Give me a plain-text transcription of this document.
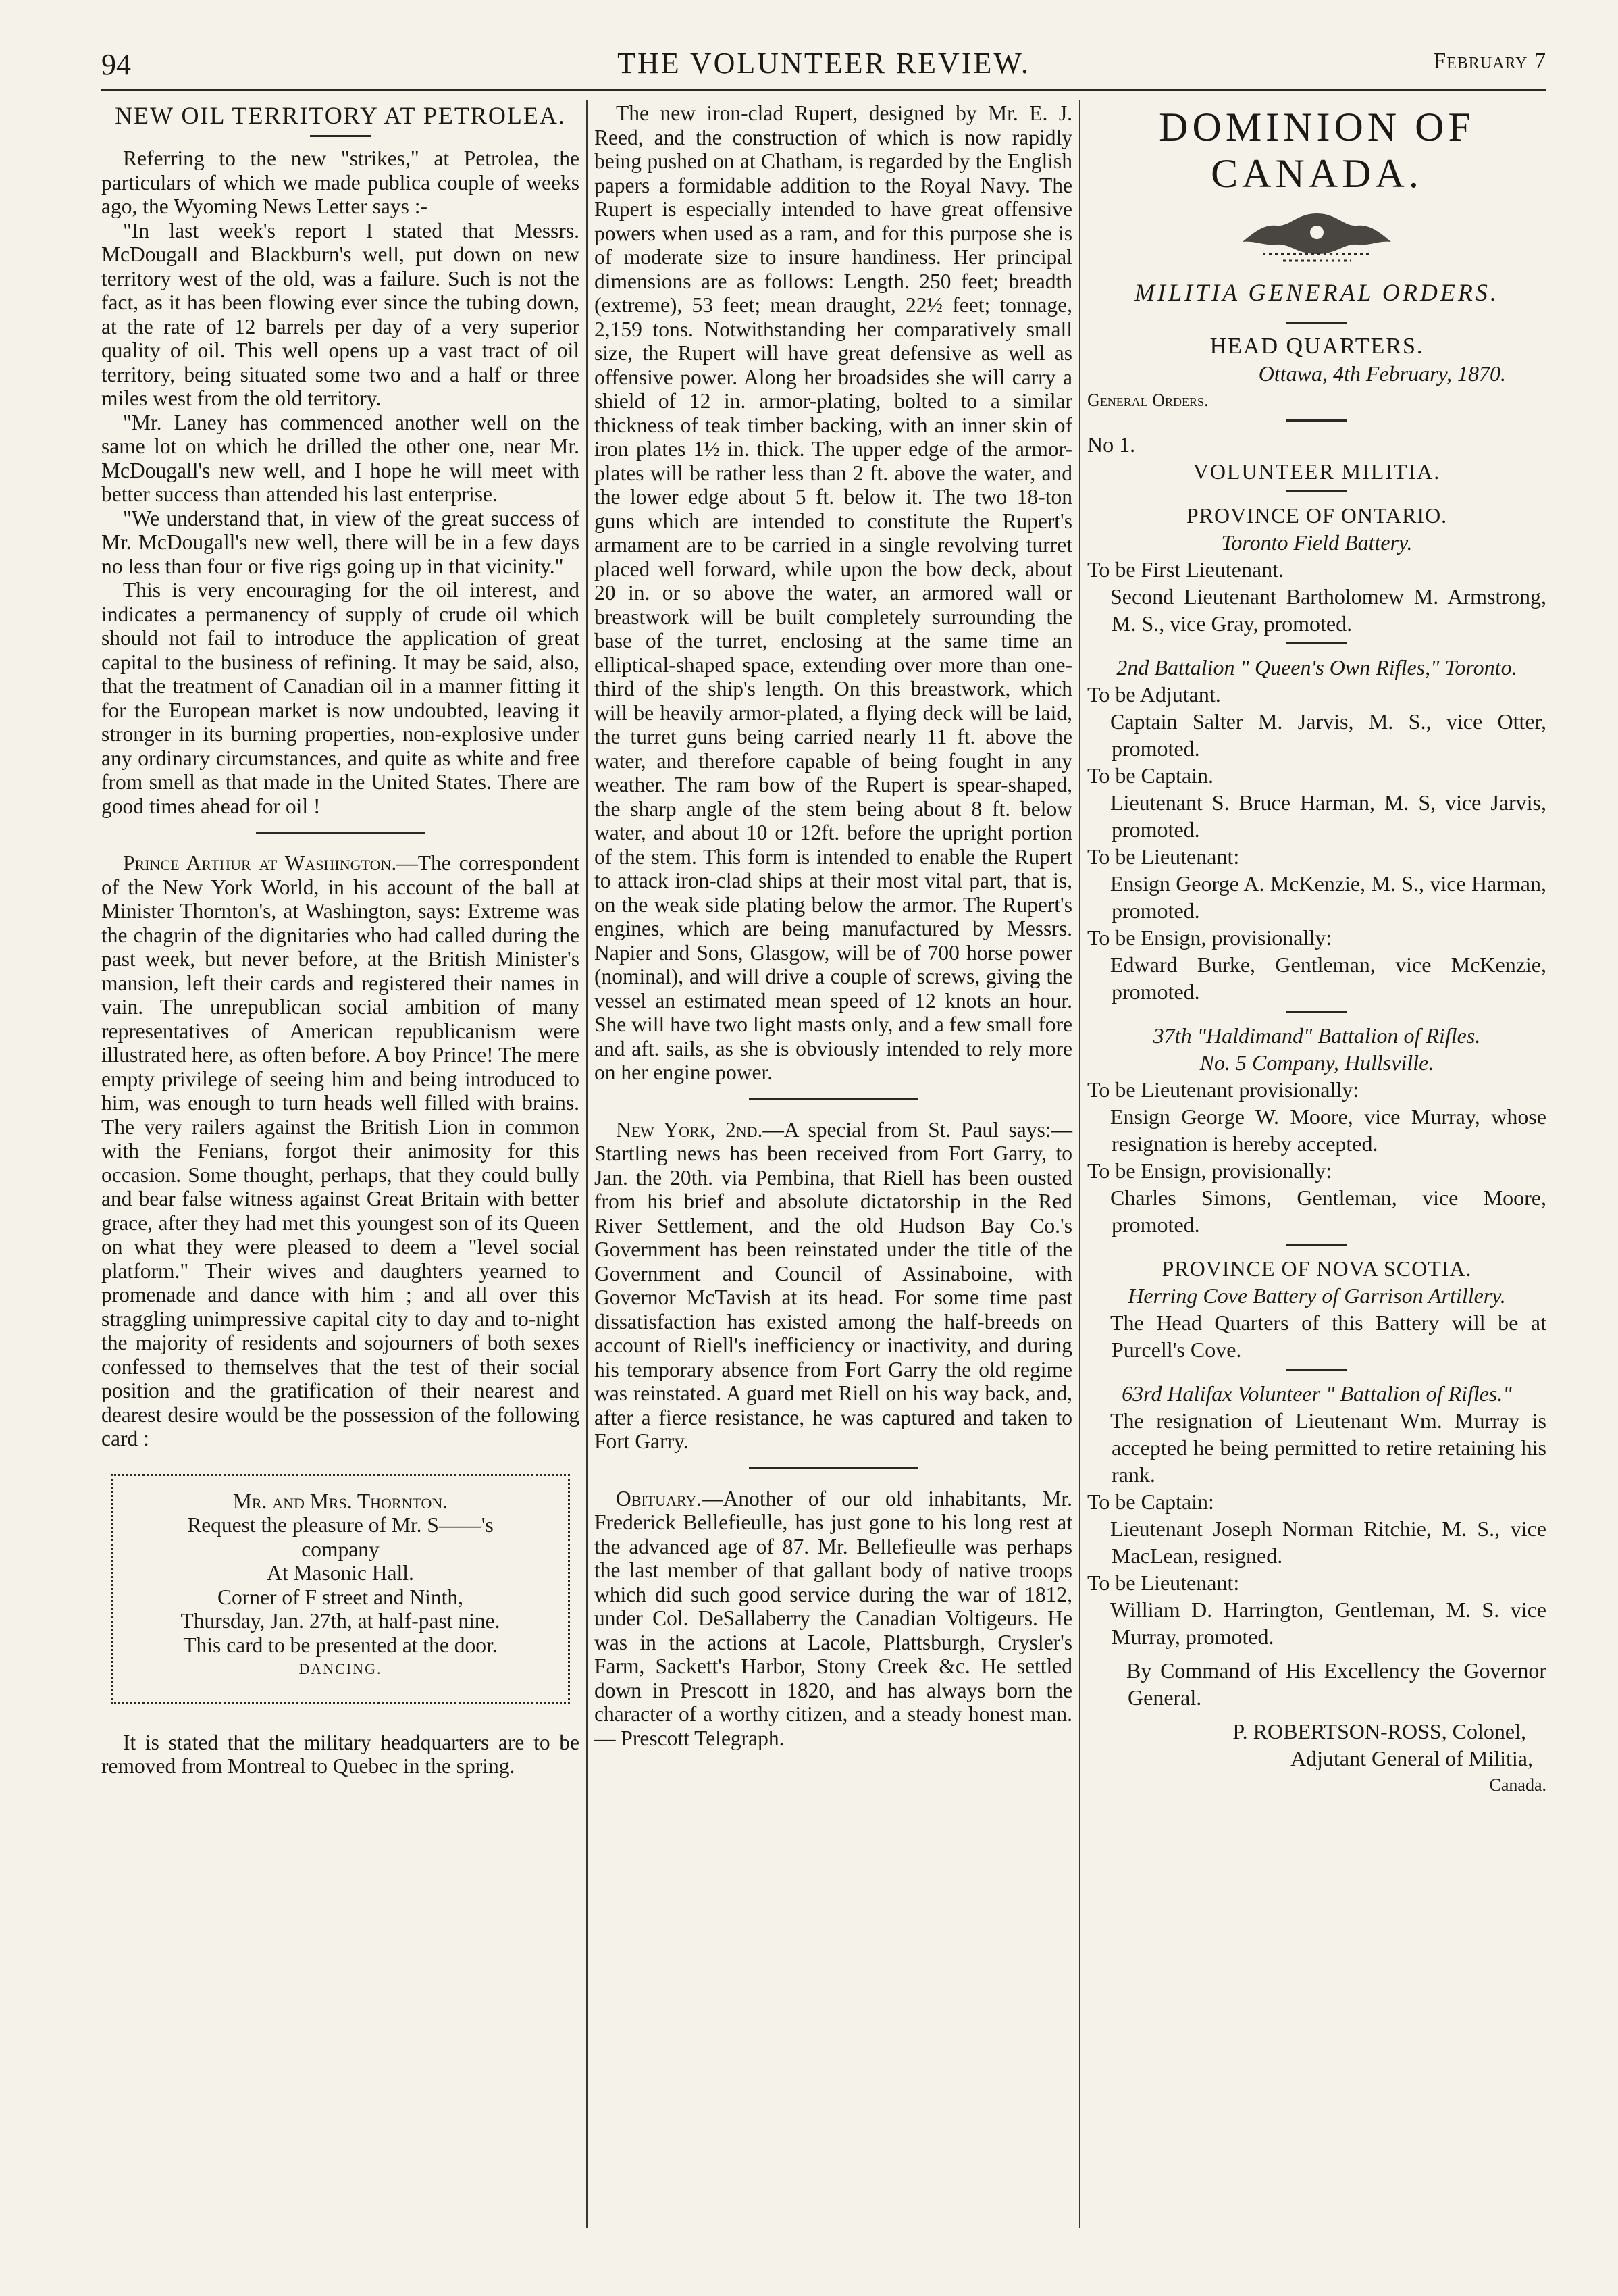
94	THE VOLUNTEER REVIEW.	February 7
NEW OIL TERRITORY AT PETROLEA.

Referring to the new "strikes," at Petrolea, the particulars of which we made publica couple of weeks ago, the Wyoming News Letter says :-

"In last week's report I stated that Messrs. McDougall and Blackburn's well, put down on new territory west of the old, was a failure. Such is not the fact, as it has been flowing ever since the tubing down, at the rate of 12 barrels per day of a very superior quality of oil. This well opens up a vast tract of oil territory, being situated some two and a half or three miles west from the old territory.

"Mr. Laney has commenced another well on the same lot on which he drilled the other one, near Mr. McDougall's new well, and I hope he will meet with better success than attended his last enterprise.

"We understand that, in view of the great success of Mr. McDougall's new well, there will be in a few days no less than four or five rigs going up in that vicinity."

This is very encouraging for the oil interest, and indicates a permanency of supply of crude oil which should not fail to introduce the application of great capital to the business of refining. It may be said, also, that the treatment of Canadian oil in a manner fitting it for the European market is now undoubted, leaving it stronger in its burning properties, non-explosive under any ordinary circumstances, and quite as white and free from smell as that made in the United States. There are good times ahead for oil !

Prince Arthur at Washington.—The correspondent of the New York World, in his account of the ball at Minister Thornton's, at Washington, says: Extreme was the chagrin of the dignitaries who had called during the past week, but never before, at the British Minister's mansion, left their cards and registered their names in vain. The unrepublican social ambition of many representatives of American republicanism were illustrated here, as often before. A boy Prince! The mere empty privilege of seeing him and being introduced to him, was enough to turn heads well filled with brains. The very railers against the British Lion in common with the Fenians, forgot their animosity for this occasion. Some thought, perhaps, that they could bully and bear false witness against Great Britain with better grace, after they had met this youngest son of its Queen on what they were pleased to deem a "level social platform." Their wives and daughters yearned to promenade and dance with him ; and all over this straggling unimpressive capital city to day and to-night the majority of residents and sojourners of both sexes confessed to themselves that the test of their social position and the gratification of their nearest and dearest desire would be the possession of the following card :

Mr. and Mrs. Thornton.

Request the pleasure of Mr. S——'s

company

At Masonic Hall.

Corner of F street and Ninth,

Thursday, Jan. 27th, at half-past nine.

This card to be presented at the door.

DANCING.

It is stated that the military headquarters are to be removed from Montreal to Quebec in the spring.

The new iron-clad Rupert, designed by Mr. E. J. Reed, and the construction of which is now rapidly being pushed on at Chatham, is regarded by the English papers a formidable addition to the Royal Navy. The Rupert is especially intended to have great offensive powers when used as a ram, and for this purpose she is of moderate size to insure handiness. Her principal dimensions are as follows: Length. 250 feet; breadth (extreme), 53 feet; mean draught, 22½ feet; tonnage, 2,159 tons. Notwithstanding her comparatively small size, the Rupert will have great defensive as well as offensive power. Along her broadsides she will carry a shield of 12 in. armor-plating, bolted to a similar thickness of teak timber backing, with an inner skin of iron plates 1½ in. thick. The upper edge of the armor-plates will be rather less than 2 ft. above the water, and the lower edge about 5 ft. below it. The two 18-ton guns which are intended to constitute the Rupert's armament are to be carried in a single revolving turret placed well forward, while upon the bow deck, about 20 in. or so above the water, an armored wall or breastwork will be built completely surrounding the base of the turret, enclosing at the same time an elliptical-shaped space, extending over more than one-third of the ship's length. On this breastwork, which will be heavily armor-plated, a flying deck will be laid, the turret guns being carried nearly 11 ft. above the water, and therefore capable of being fought in any weather. The ram bow of the Rupert is spear-shaped, the sharp angle of the stem being about 8 ft. below water, and about 10 or 12ft. before the upright portion of the stem. This form is intended to enable the Rupert to attack iron-clad ships at their most vital part, that is, on the weak side plating below the armor. The Rupert's engines, which are being manufactured by Messrs. Napier and Sons, Glasgow, will be of 700 horse power (nominal), and will drive a couple of screws, giving the vessel an estimated mean speed of 12 knots an hour. She will have two light masts only, and a few small fore and aft. sails, as she is obviously intended to rely more on her engine power.

New York, 2nd.—A special from St. Paul says:—Startling news has been received from Fort Garry, to Jan. the 20th. via Pembina, that Riell has been ousted from his brief and absolute dictatorship in the Red River Settlement, and the old Hudson Bay Co.'s Government has been reinstated under the title of the Government and Council of Assinaboine, with Governor McTavish at its head. For some time past dissatisfaction has existed among the half-breeds on account of Riell's inefficiency or inactivity, and during his temporary absence from Fort Garry the old regime was reinstated. A guard met Riell on his way back, and, after a fierce resistance, he was captured and taken to Fort Garry.

Obituary.—Another of our old inhabitants, Mr. Frederick Bellefieulle, has just gone to his long rest at the advanced age of 87. Mr. Bellefieulle was perhaps the last member of that gallant body of native troops which did such good service during the war of 1812, under Col. DeSallaberry the Canadian Voltigeurs. He was in the actions at Lacole, Plattsburgh, Crysler's Farm, Sackett's Harbor, Stony Creek &c. He settled down in Prescott in 1820, and has always born the character of a worthy citizen, and a steady honest man.— Prescott Telegraph.

DOMINION OF CANADA.
MILITIA GENERAL ORDERS.

HEAD QUARTERS.

Ottawa, 4th February, 1870.

General Orders.

No 1.

VOLUNTEER MILITIA.

PROVINCE OF ONTARIO.

Toronto Field Battery.

To be First Lieutenant.

Second Lieutenant Bartholomew M. Armstrong, M. S., vice Gray, promoted.

2nd Battalion " Queen's Own Rifles," Toronto.

To be Adjutant.

Captain Salter M. Jarvis, M. S., vice Otter, promoted.

To be Captain.

Lieutenant S. Bruce Harman, M. S, vice Jarvis, promoted.

To be Lieutenant:

Ensign George A. McKenzie, M. S., vice Harman, promoted.

To be Ensign, provisionally:

Edward Burke, Gentleman, vice McKenzie, promoted.

37th "Haldimand" Battalion of Rifles.

No. 5 Company, Hullsville.

To be Lieutenant provisionally:

Ensign George W. Moore, vice Murray, whose resignation is hereby accepted.

To be Ensign, provisionally:

Charles Simons, Gentleman, vice Moore, promoted.

PROVINCE OF NOVA SCOTIA.

Herring Cove Battery of Garrison Artillery.

The Head Quarters of this Battery will be at Purcell's Cove.

63rd Halifax Volunteer " Battalion of Rifles."

The resignation of Lieutenant Wm. Murray is accepted he being permitted to retire retaining his rank.

To be Captain:

Lieutenant Joseph Norman Ritchie, M. S., vice MacLean, resigned.

To be Lieutenant:

William D. Harrington, Gentleman, M. S. vice Murray, promoted.

By Command of His Excellency the Governor General.

P. ROBERTSON-ROSS, Colonel,

Adjutant General of Militia,

Canada.
